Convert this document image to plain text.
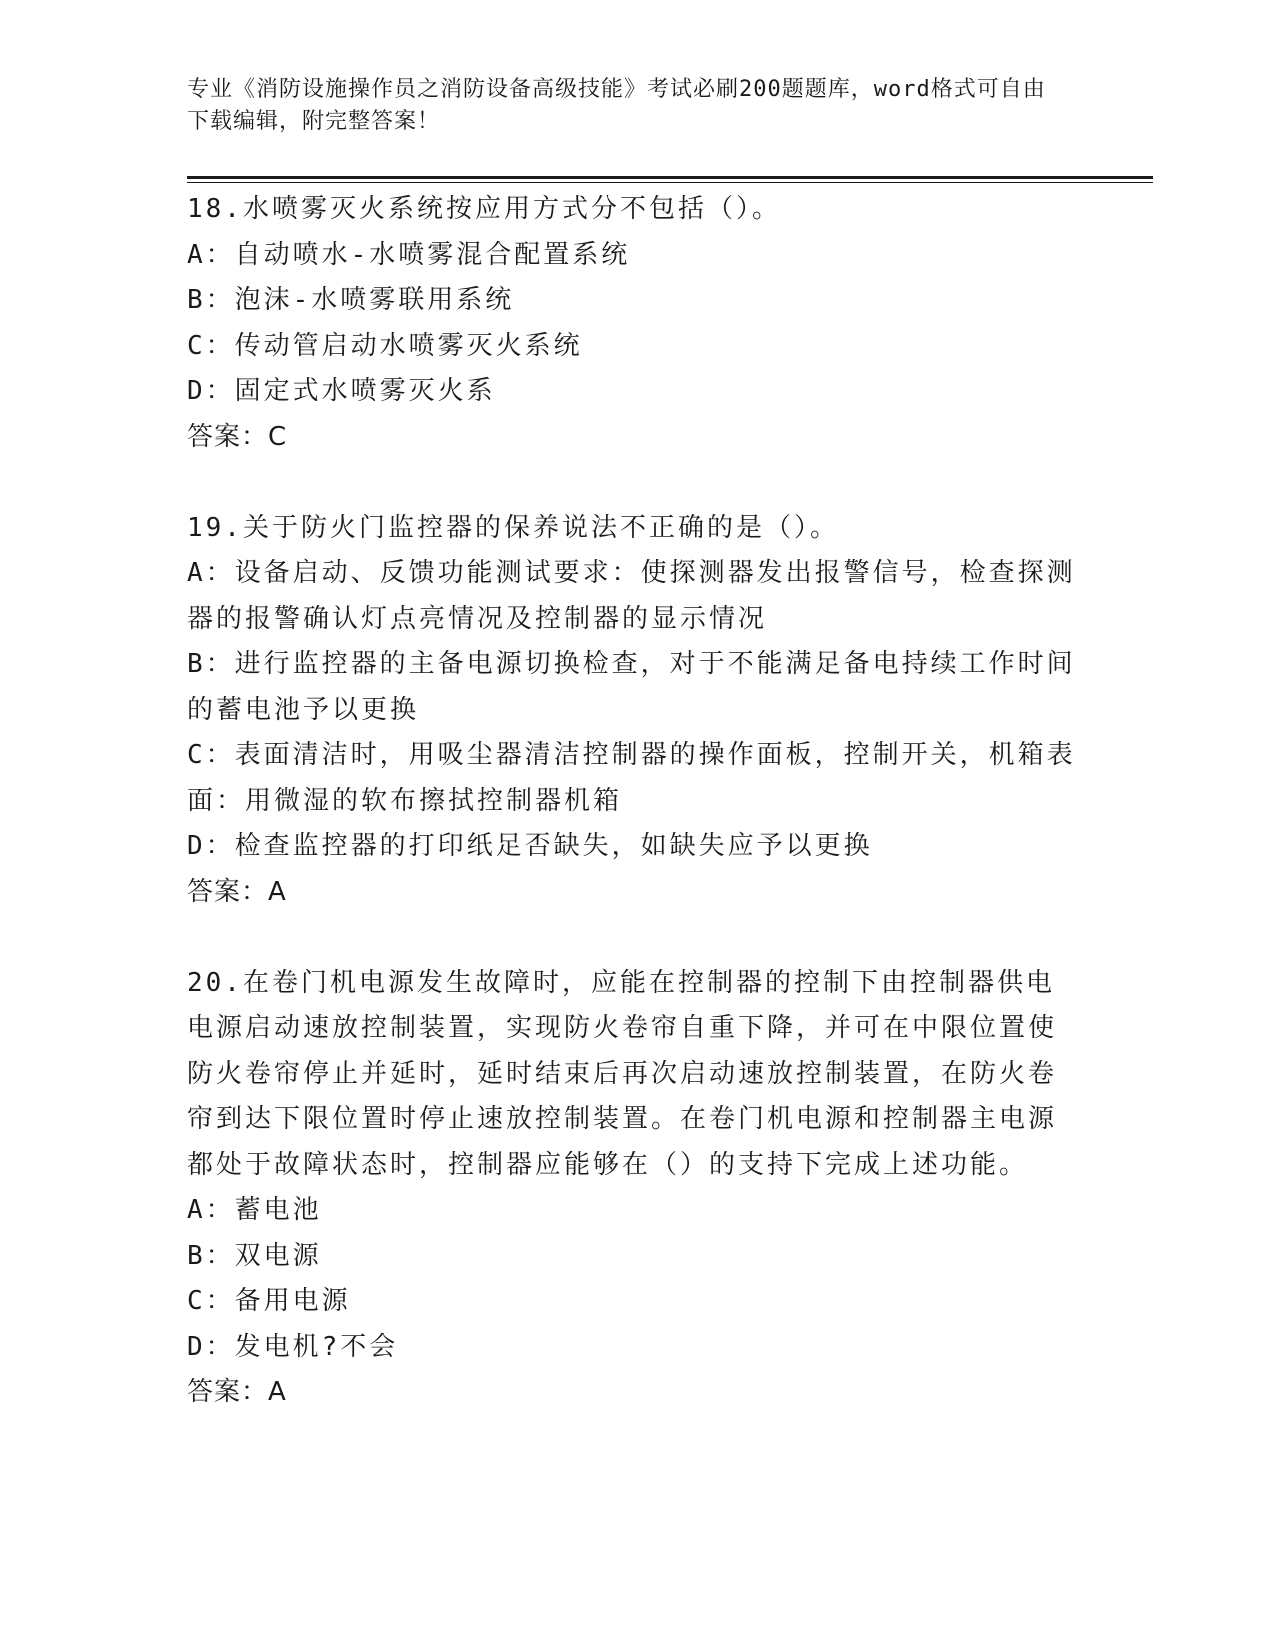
专业《消防设施操作员之消防设备高级技能》考试必刷200题题库，word格式可自由下载编辑，附完整答案！

18.水喷雾灭火系统按应用方式分不包括（）。

A：自动喷水-水喷雾混合配置系统

B：泡沫-水喷雾联用系统

C：传动管启动水喷雾灭火系统

D：固定式水喷雾灭火系

答案：C

19.关于防火门监控器的保养说法不正确的是（）。

A：设备启动、反馈功能测试要求：使探测器发出报警信号，检查探测器的报警确认灯点亮情况及控制器的显示情况

B：进行监控器的主备电源切换检查，对于不能满足备电持续工作时间的蓄电池予以更换

C：表面清洁时，用吸尘器清洁控制器的操作面板，控制开关，机箱表面：用微湿的软布擦拭控制器机箱

D：检查监控器的打印纸足否缺失，如缺失应予以更换

答案：A

20.在卷门机电源发生故障时，应能在控制器的控制下由控制器供电电源启动速放控制装置，实现防火卷帘自重下降，并可在中限位置使防火卷帘停止并延时，延时结束后再次启动速放控制装置，在防火卷帘到达下限位置时停止速放控制装置。在卷门机电源和控制器主电源都处于故障状态时，控制器应能够在（）的支持下完成上述功能。

A：蓄电池

B：双电源

C：备用电源

D：发电机?不会

答案：A
